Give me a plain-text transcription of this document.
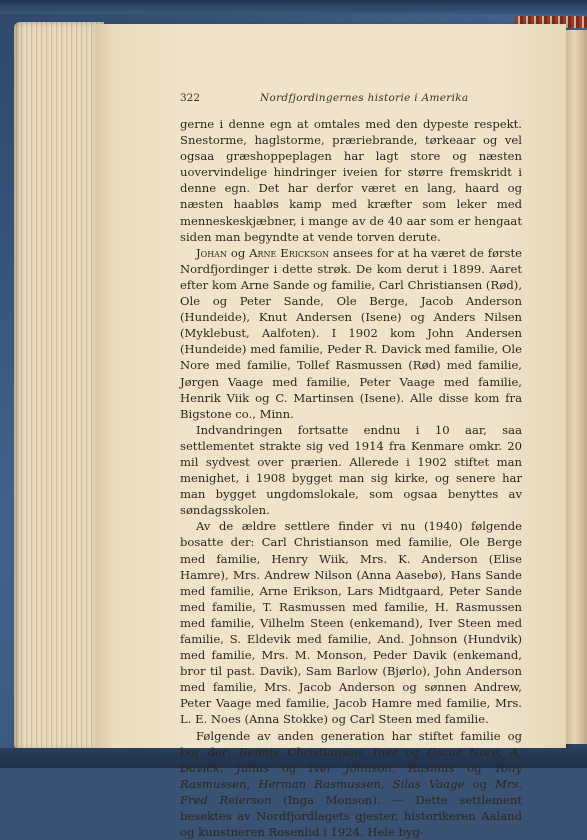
322	Nordfjordingernes historie i Amerika

gerne i denne egn at omtales med den dypeste respekt. Snestorme, haglstorme, præriebrande, tørkeaar og vel ogsaa græshoppeplagen har lagt store og næsten uovervindelige hindringer iveien for større fremskridt i denne egn. Det har derfor været en lang, haard og næsten haabløs kamp med kræfter som leker med menneskeskjæbner, i mange av de 40 aar som er hengaat siden man begyndte at vende torven derute.

Johan og Arne Erickson ansees for at ha været de første Nordfjordinger i dette strøk. De kom derut i 1899. Aaret efter kom Arne Sande og familie, Carl Christiansen (Rød), Ole og Peter Sande, Ole Berge, Jacob Anderson (Hundeide), Knut Andersen (Isene) og Anders Nilsen (Myklebust, Aalfoten). I 1902 kom John Andersen (Hundeide) med familie, Peder R. Davick med familie, Ole Nore med familie, Tollef Rasmussen (Rød) med familie, Jørgen Vaage med familie, Peter Vaage med familie, Henrik Viik og C. Martinsen (Isene). Alle disse kom fra Bigstone co., Minn.

Indvandringen fortsatte endnu i 10 aar, saa settlementet strakte sig ved 1914 fra Kenmare omkr. 20 mil sydvest over prærien. Allerede i 1902 stiftet man menighet, i 1908 bygget man sig kirke, og senere har man bygget ungdomslokale, som ogsaa benyttes av søndagsskolen.

Av de ældre settlere finder vi nu (1940) følgende bosatte der: Carl Christianson med familie, Ole Berge med familie, Henry Wiik, Mrs. K. Anderson (Elise Hamre), Mrs. Andrew Nilson (Anna Aasebø), Hans Sande med familie, Arne Erikson, Lars Midtgaard, Peter Sande med familie, T. Rasmussen med familie, H. Rasmussen med familie, Vilhelm Steen (enkemand), Iver Steen med familie, S. Eldevik med familie, And. Johnson (Hundvik) med familie, Mrs. M. Monson, Peder Davik (enkemand, bror til past. Davik), Sam Barlow (Bjørlo), John Anderson med familie, Mrs. Jacob Anderson og sønnen Andrew, Peter Vaage med familie, Jacob Hamre med familie, Mrs. L. E. Noes (Anna Stokke) og Carl Steen med familie.

Følgende av anden generation har stiftet familie og bor der: Bennie Christianson, Iner og Oscar Nore, A. Davick, Julius og Iver Johnson, Rasmus og Tony Rasmussen, Herman Rasmussen, Silas Vaage og Mrs. Fred Reierson (Inga Monson). — Dette settlement besøktes av Nordfjordlagets gjester, historikeren Aaland og kunstneren Rosenlid i 1924. Hele byg-
